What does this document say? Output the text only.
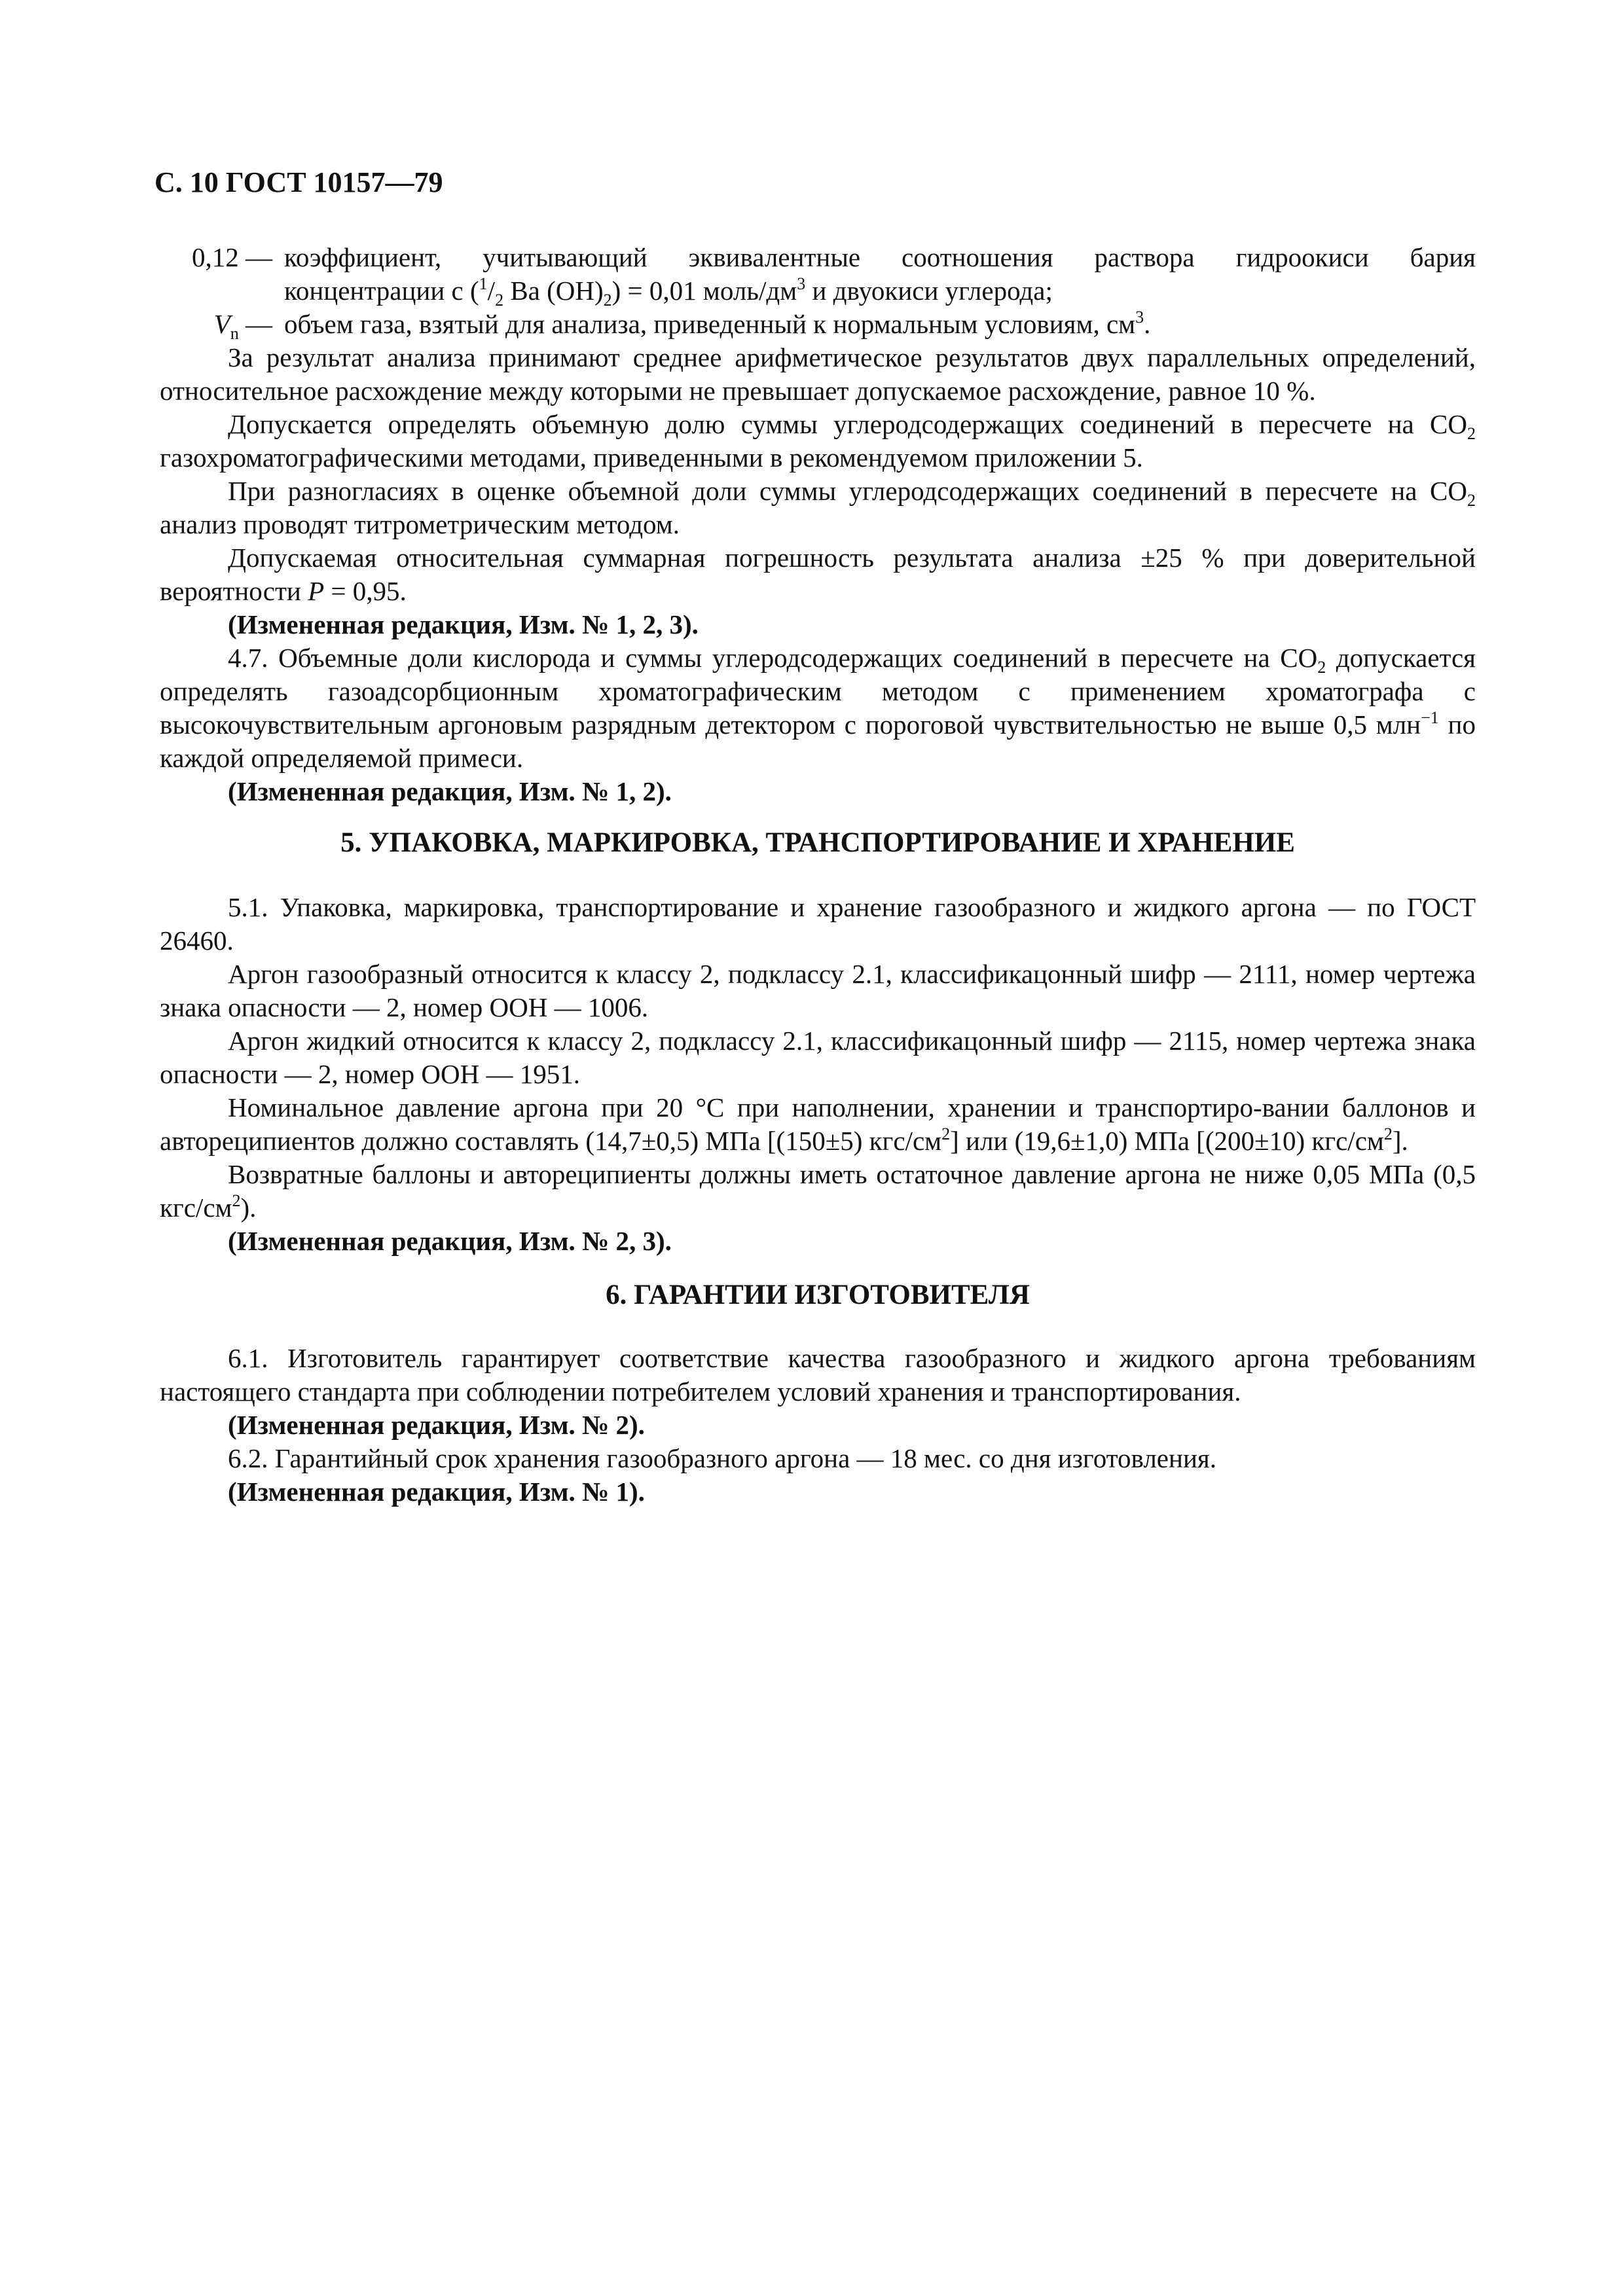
С. 10 ГОСТ 10157—79
0,12 — коэффициент, учитывающий эквивалентные соотношения раствора гидроокиси бария
концентрации с ($^1/_2$ Ва $(ОН)_2) = 0,01$ моль/$дм^3$ и двуокиси углерода;
$V_n$ — объем газа, взятый для анализа, приведенный к нормальным условиям, $см^3$.

За результат анализа принимают среднее арифметическое результатов двух параллельных определений, относительное расхождение между которыми не превышает допускаемое расхождение, равное 10 %.

Допускается определять объемную долю суммы углеродсодержащих соединений в пересчете на $СО_2$ газохроматографическими методами, приведенными в рекомендуемом приложении 5.

При разногласиях в оценке объемной доли суммы углеродсодержащих соединений в пересчете на $СО_2$ анализ проводят титрометрическим методом.

Допускаемая относительная суммарная погрешность результата анализа ±25 % при доверительной вероятности Р = 0,95.

(Измененная редакция, Изм. № 1, 2, 3).

4.7. Объемные доли кислорода и суммы углеродсодержащих соединений в пересчете на $СО_2$ допускается определять газоадсорбционным хроматографическим методом с применением хроматографа с высокочувствительным аргоновым разрядным детектором с пороговой чувствительностью не выше 0,5 млн$^{-1}$ по каждой определяемой примеси.

(Измененная редакция, Изм. № 1, 2).

5. УПАКОВКА, МАРКИРОВКА, ТРАНСПОРТИРОВАНИЕ И ХРАНЕНИЕ

5.1. Упаковка, маркировка, транспортирование и хранение газообразного и жидкого аргона — по ГОСТ 26460.

Аргон газообразный относится к классу 2, подклассу 2.1, классификацонный шифр — 2111, номер чертежа знака опасности — 2, номер ООН — 1006.

Аргон жидкий относится к классу 2, подклассу 2.1, классификацонный шифр — 2115, номер чертежа знака опасности — 2, номер ООН — 1951.

Номинальное давление аргона при 20 °С при наполнении, хранении и транспортиро-вании баллонов и автореципиентов должно составлять (14,7±0,5) МПа [(150±5) кгс/$см^2$] или (19,6±1,0) МПа [(200±10) кгс/$см^2$].

Возвратные баллоны и автореципиенты должны иметь остаточное давление аргона не ниже 0,05 МПа (0,5 кгс/$см^2$).

(Измененная редакция, Изм. № 2, 3).

6. ГАРАНТИИ ИЗГОТОВИТЕЛЯ

6.1. Изготовитель гарантирует соответствие качества газообразного и жидкого аргона требованиям настоящего стандарта при соблюдении потребителем условий хранения и транспортирования.

(Измененная редакция, Изм. № 2).

6.2. Гарантийный срок хранения газообразного аргона — 18 мес. со дня изготовления.

(Измененная редакция, Изм. № 1).
